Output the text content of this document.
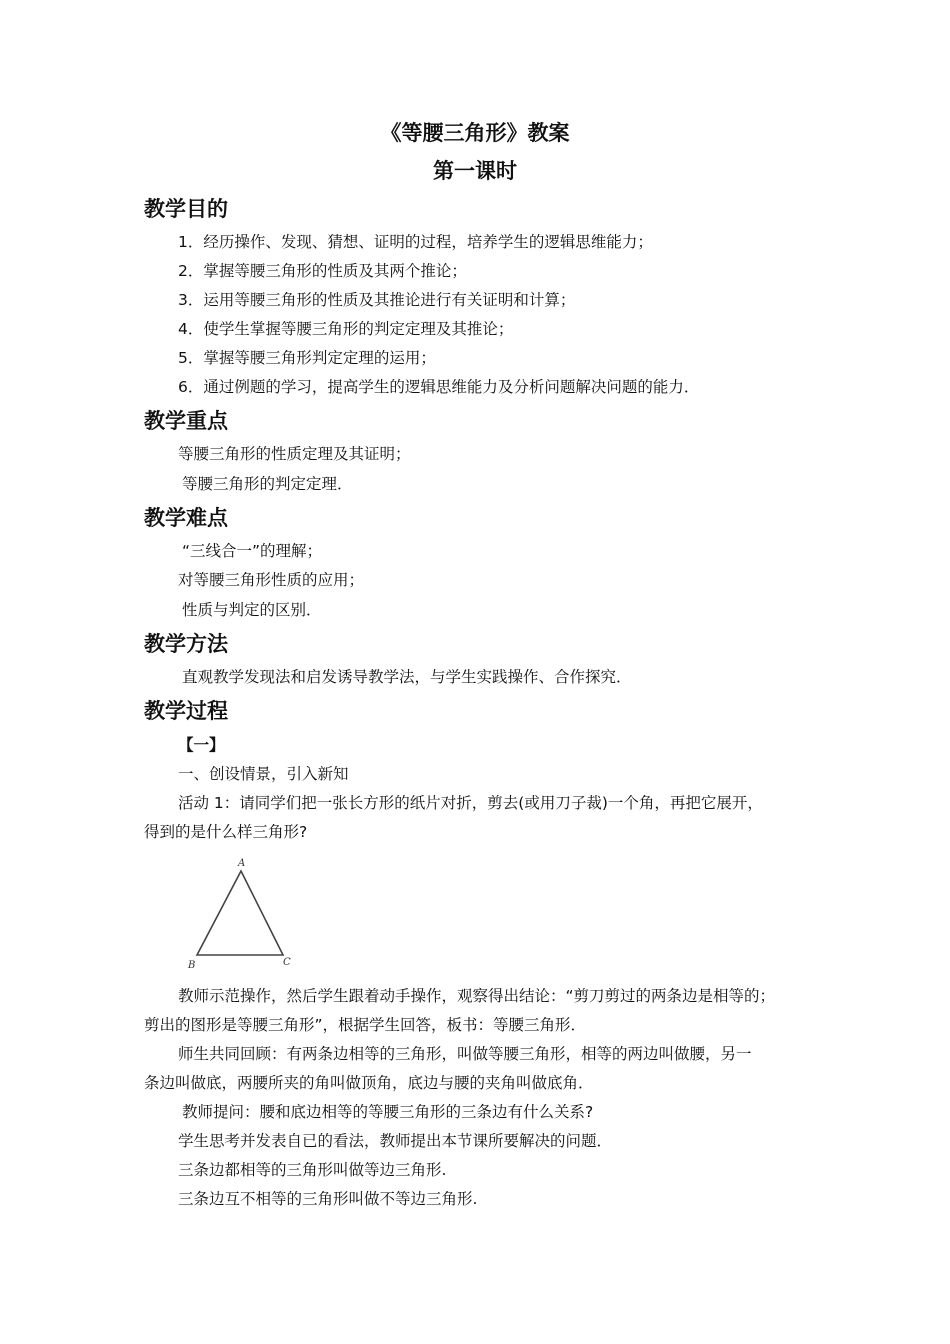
《等腰三角形》教案
第一课时
教学目的
1．经历操作、发现、猜想、证明的过程，培养学生的逻辑思维能力；
2．掌握等腰三角形的性质及其两个推论；
3．运用等腰三角形的性质及其推论进行有关证明和计算；
4．使学生掌握等腰三角形的判定定理及其推论；
5．掌握等腰三角形判定定理的运用；
6．通过例题的学习，提高学生的逻辑思维能力及分析问题解决问题的能力．
教学重点
等腰三角形的性质定理及其证明；
等腰三角形的判定定理．
教学难点
“三线合一”的理解；
对等腰三角形性质的应用；
性质与判定的区别．
教学方法
直观教学发现法和启发诱导教学法，与学生实践操作、合作探究．
教学过程
【一】
一、创设情景，引入新知
活动 1：请同学们把一张长方形的纸片对折，剪去(或用刀子裁)一个角，再把它展开，
得到的是什么样三角形?
A
B	C
教师示范操作，然后学生跟着动手操作，观察得出结论：“剪刀剪过的两条边是相等的；
剪出的图形是等腰三角形”，根据学生回答，板书：等腰三角形．
师生共同回顾：有两条边相等的三角形，叫做等腰三角形，相等的两边叫做腰，另一
条边叫做底，两腰所夹的角叫做顶角，底边与腰的夹角叫做底角．
教师提问：腰和底边相等的等腰三角形的三条边有什么关系?
学生思考并发表自已的看法，教师提出本节课所要解决的问题．
三条边都相等的三角形叫做等边三角形.
三条边互不相等的三角形叫做不等边三角形.
